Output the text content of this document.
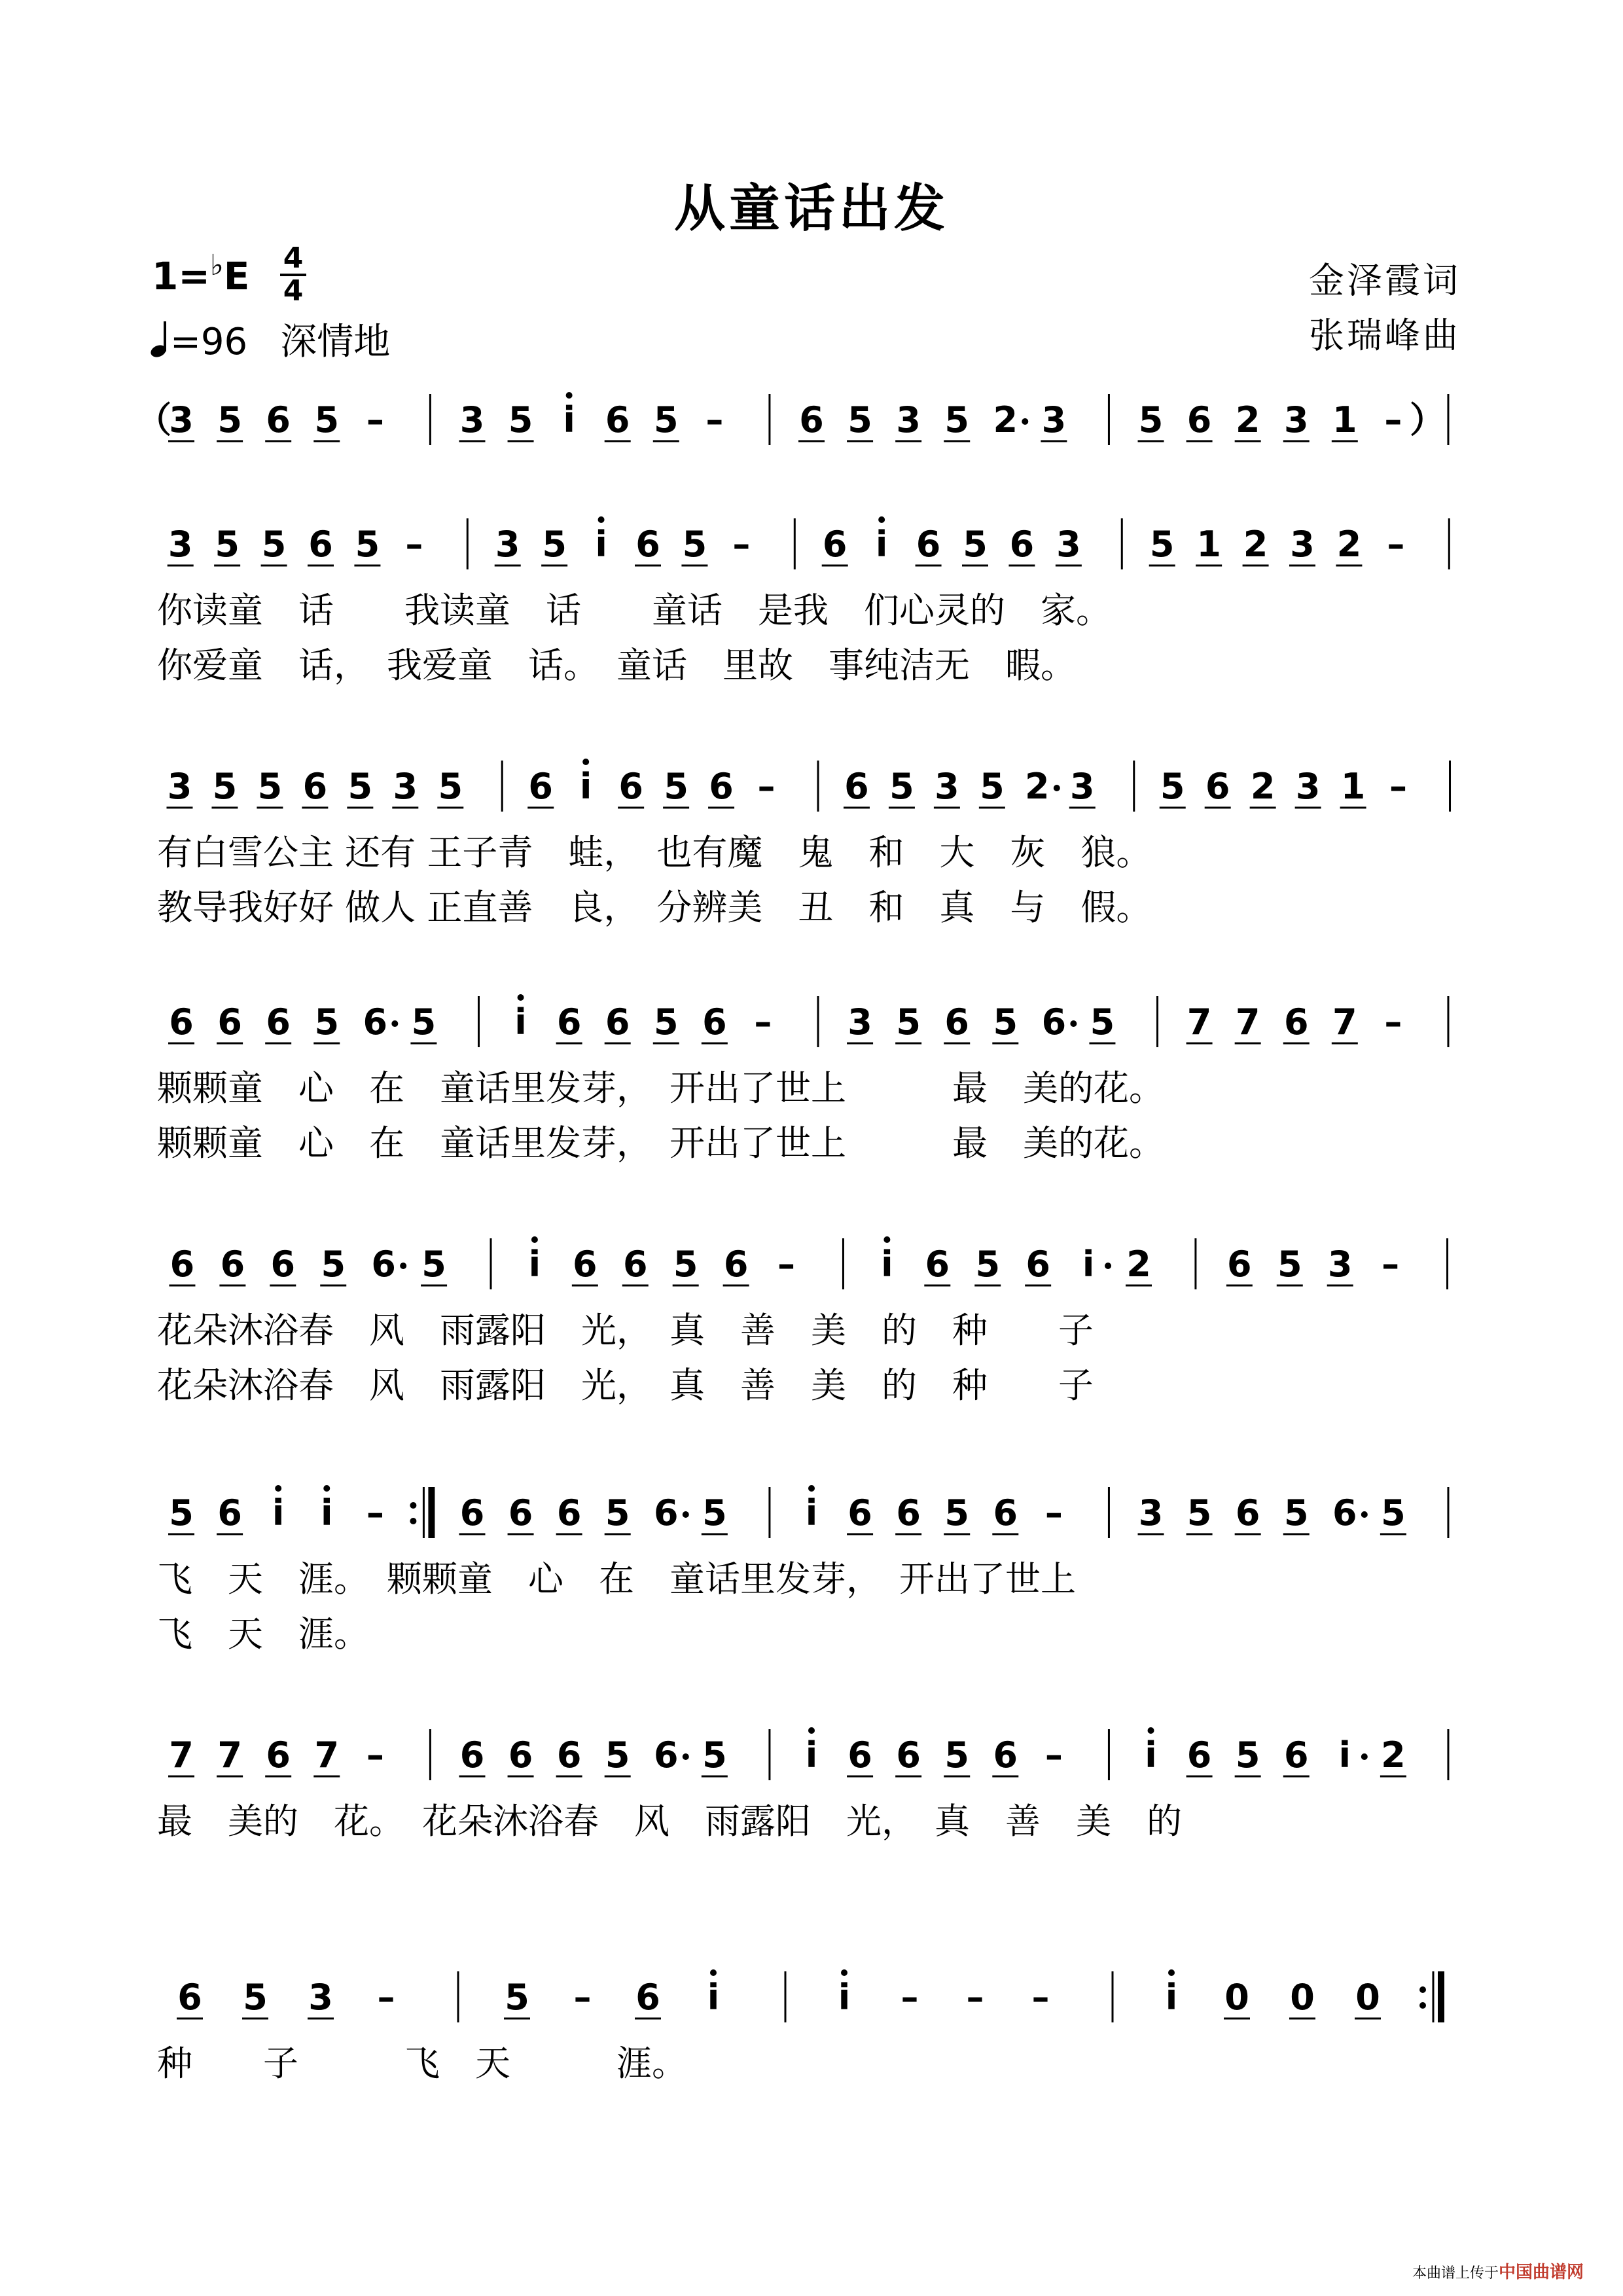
从童话出发
1=♭E 4
4
=96 深情地
金泽霞词
张瑞峰曲
（
3 5 6 5 – 3 5 i 6 5 – 6 5 3 5 2 3 5 6 2 3 1 – ）
3 5 5 6 5 – 3 5 i 6 5 – 6 i 6 5 6 3 5 1 2 3 2 –
你读童　话　　我读童　话　　童话　是我　们心灵的　家。
你爱童　话，　我爱童　话。　童话　里故　事纯洁无　暇。
3 5 5 6 5 3 5 6 i 6 5 6 – 6 5 3 5 2 3 5 6 2 3 1 –
有白雪公主 还有 王子青　蛙，　也有魔　鬼　和　大　灰　狼。
教导我好好 做人 正直善　良，　分辨美　丑　和　真　与　假。
6 6 6 5 6 5 i 6 6 5 6 – 3 5 6 5 6 5 7 7 6 7 –
颗颗童　心　在　童话里发芽，　开出了世上　　　最　美的花。
颗颗童　心　在　童话里发芽，　开出了世上　　　最　美的花。
6 6 6 5 6 5 i 6 6 5 6 – i 6 5 6 i 2 6 5 3 –
花朵沐浴春　风　雨露阳　光，　真　善　美　的　种　　子
花朵沐浴春　风　雨露阳　光，　真　善　美　的　种　　子
5 6 i i – 6 6 6 5 6 5 i 6 6 5 6 – 3 5 6 5 6 5
飞　天　涯。　颗颗童　心　在　童话里发芽，　开出了世上
飞　天　涯。
7 7 6 7 – 6 6 6 5 6 5 i 6 6 5 6 – i 6 5 6 i 2
最　美的　花。　花朵沐浴春　风　雨露阳　光，　真　善　美　的
6 5 3 –	5 – 6 i	i – – –	i 0 0 0
种　　子　　　飞　天　　　涯。
本曲谱上传于中国曲谱网
